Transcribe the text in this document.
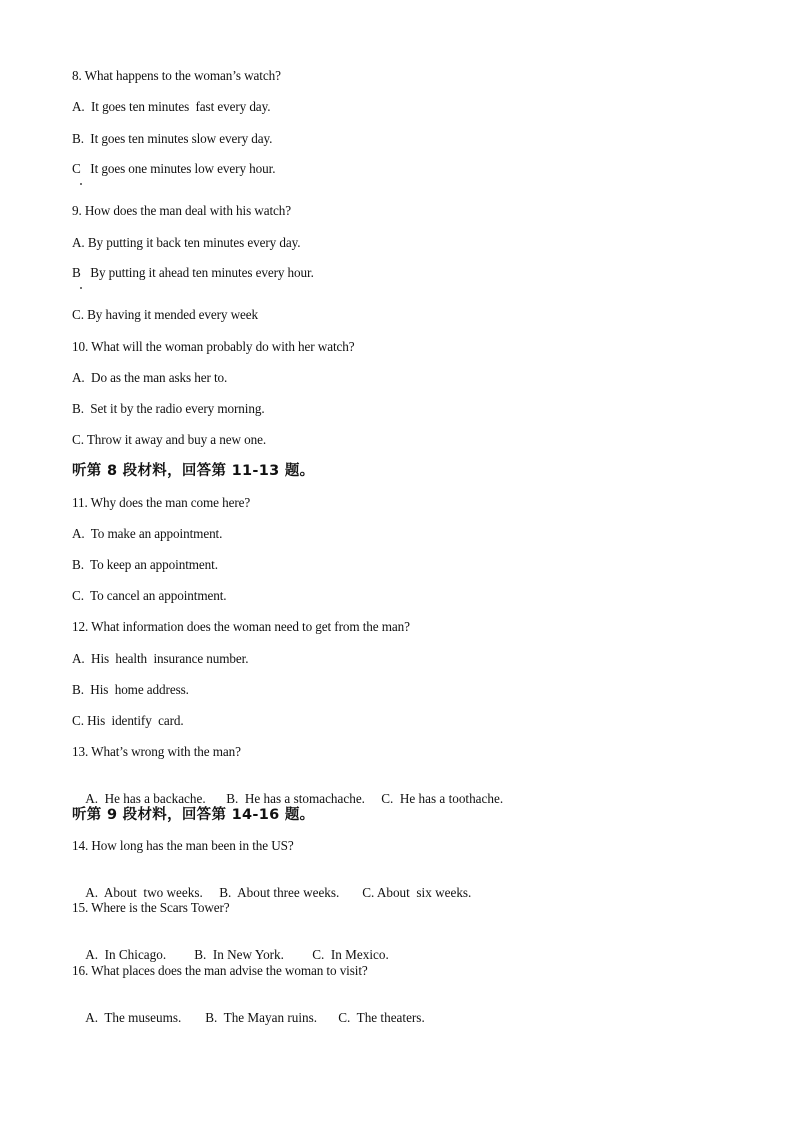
8. What happens to the woman’s watch?
A.  It goes ten minutes  fast every day.
B.  It goes ten minutes slow every day.
C   It goes one minutes low every hour.
9. How does the man deal with his watch?
A. By putting it back ten minutes every day.
B   By putting it ahead ten minutes every hour.
C. By having it mended every week
10. What will the woman probably do with her watch?
A.  Do as the man asks her to.
B.  Set it by the radio every morning.
C. Throw it away and buy a new one.
听第 8 段材料，回答第 11-13 题。
11. Why does the man come here?
A.  To make an appointment.
B.  To keep an appointment.
C.  To cancel an appointment.
12. What information does the woman need to get from the man?
A.  His  health  insurance number.
B.  His  home address.
C. His  identify  card.
13. What’s wrong with the man?

A.  He has a backache. B.  He has a stomachache. C.  He has a toothache.

听第 9 段材料，回答第 14-16 题。
14. How long has the man been in the US?

A.  About  two weeks. B.  About three weeks. C. About  six weeks.

15. Where is the Scars Tower?

A.  In Chicago. B.  In New York. C.  In Mexico.

16. What places does the man advise the woman to visit?

A.  The museums. B.  The Mayan ruins. C.  The theaters.
